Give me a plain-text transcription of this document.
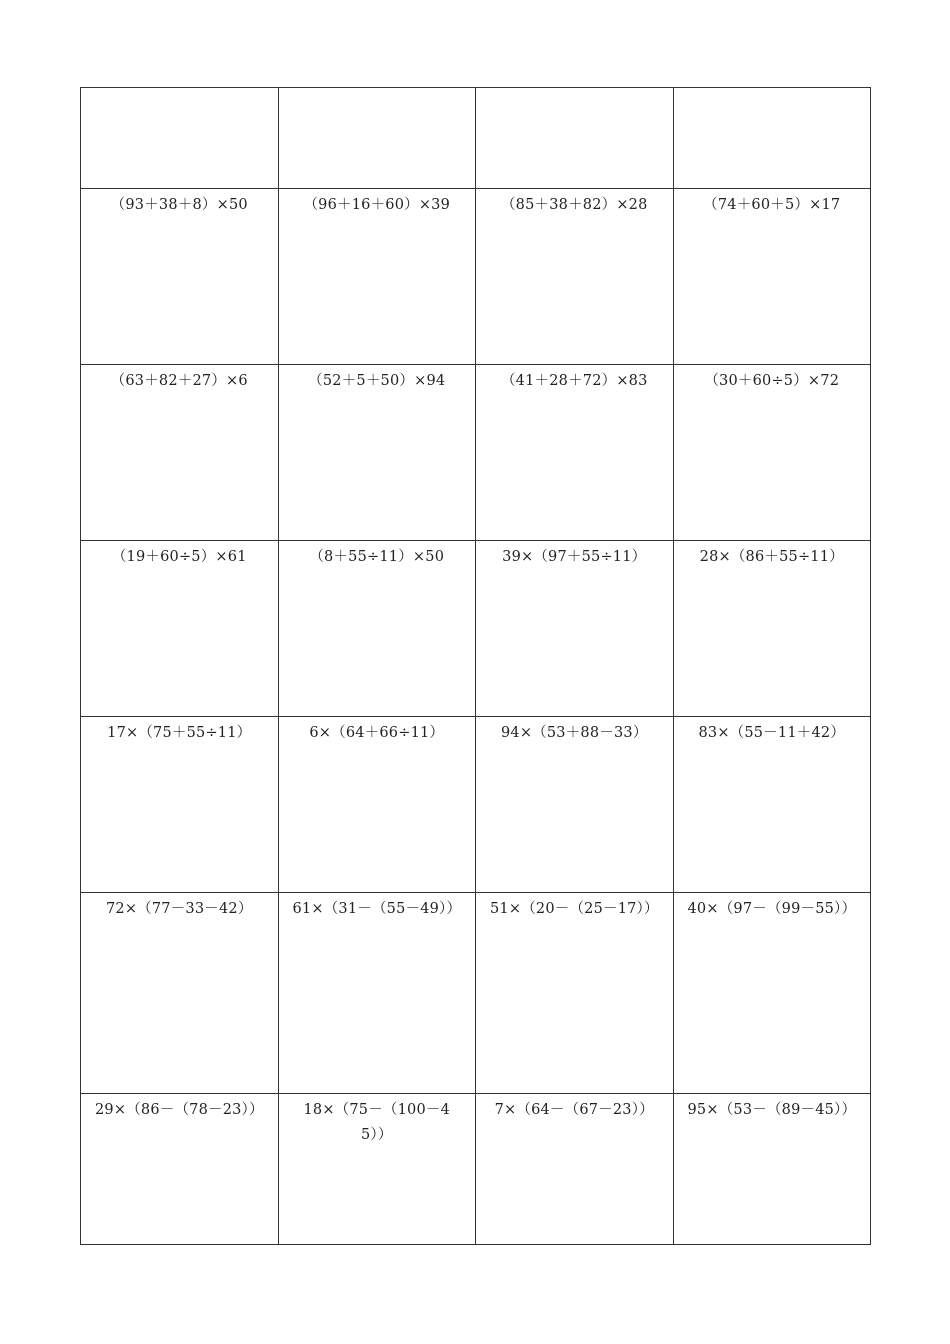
（93＋38＋8）×50	（96＋16＋60）×39	（85＋38＋82）×28	（74＋60＋5）×17
（63＋82＋27）×6	（52＋5＋50）×94	（41＋28＋72）×83	（30＋60÷5）×72
（19＋60÷5）×61	（8＋55÷11）×50	39×（97＋55÷11）	28×（86＋55÷11）
17×（75＋55÷11）	6×（64＋66÷11）	94×（53＋88－33）	83×（55－11＋42）
72×（77－33－42）	61×（31－（55－49））	51×（20－（25－17））	40×（97－（99－55））
29×（86－（78－23））	18×（75－（100－45））	7×（64－（67－23））	95×（53－（89－45））
